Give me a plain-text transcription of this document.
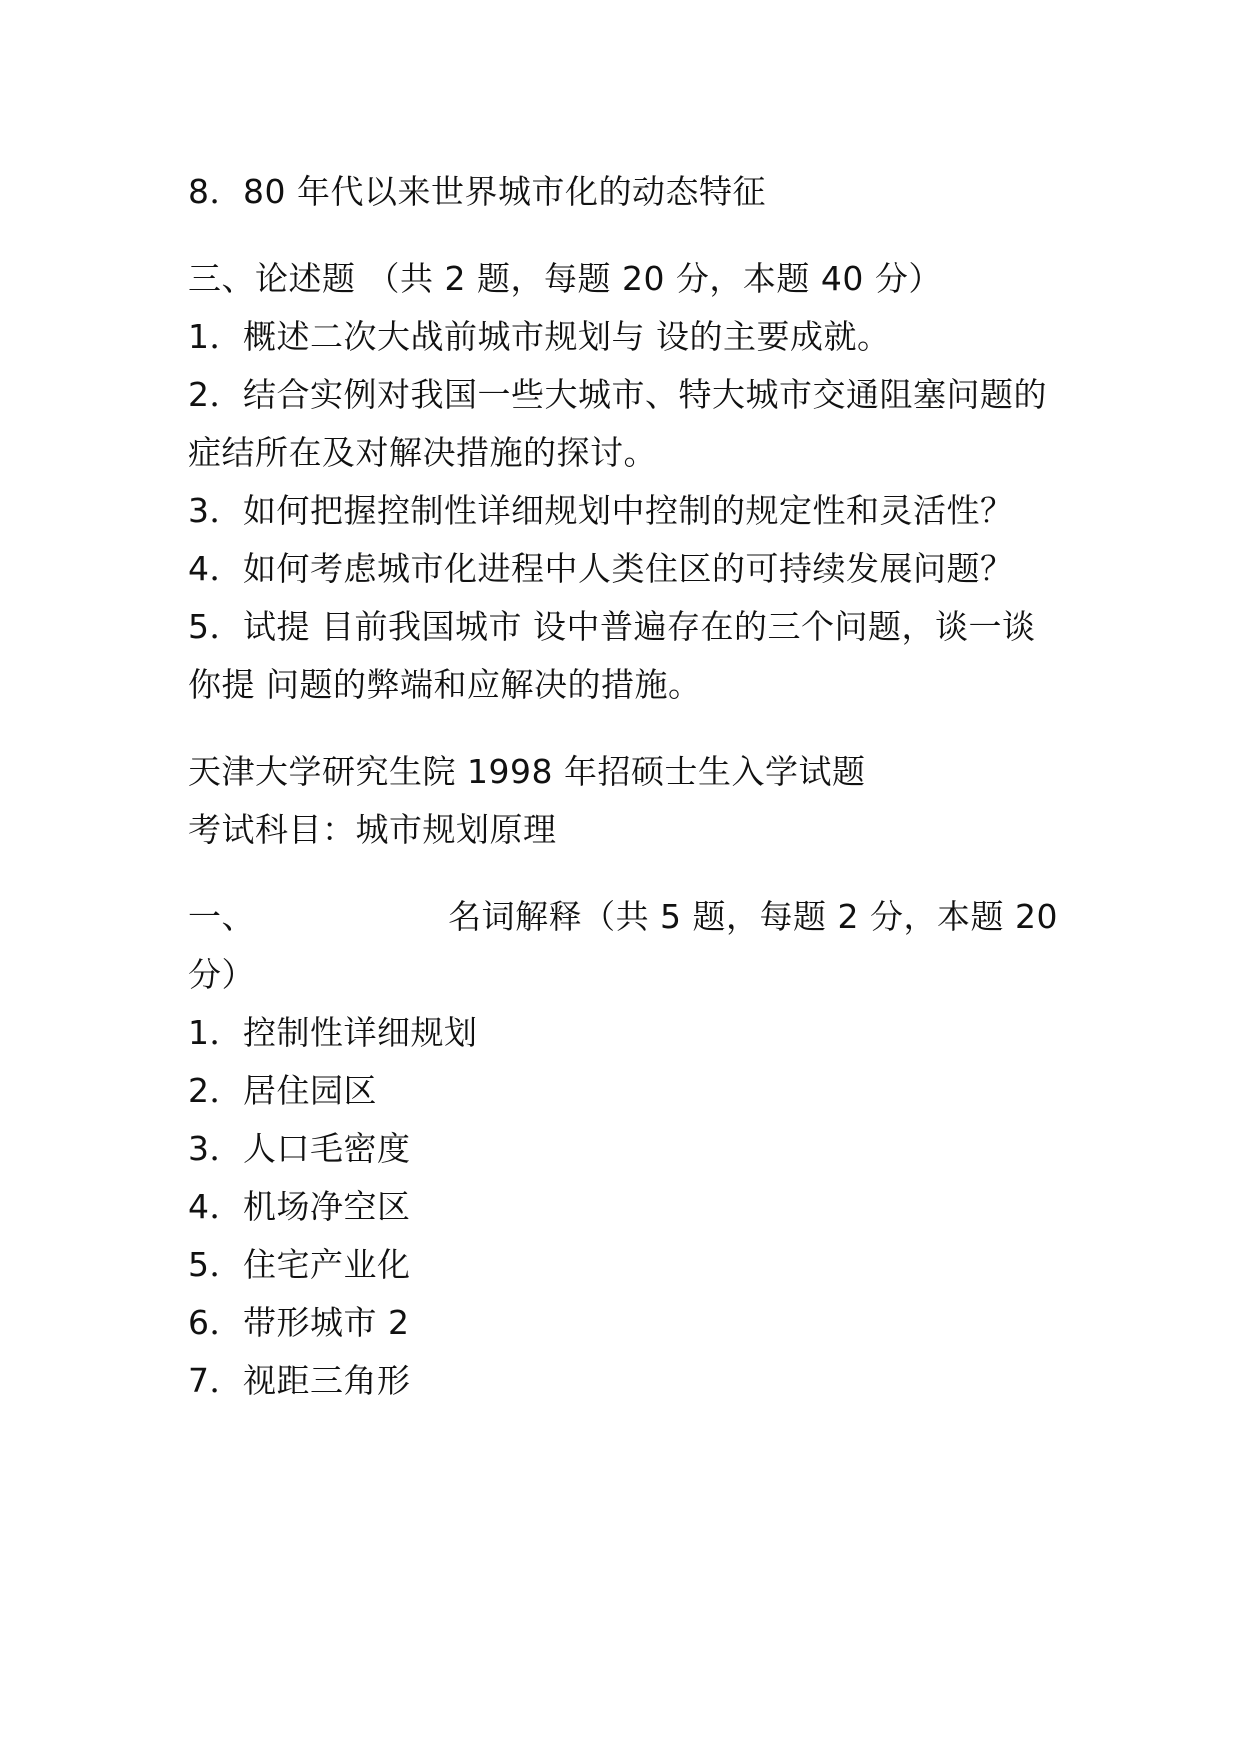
8．80 年代以来世界城市化的动态特征
三、论述题 （共 2 题，每题 20 分，本题 40 分）
1．概述二次大战前城市规划与 设的主要成就。
2．结合实例对我国一些大城市、特大城市交通阻塞问题的
症结所在及对解决措施的探讨。
3．如何把握控制性详细规划中控制的规定性和灵活性？
4．如何考虑城市化进程中人类住区的可持续发展问题？
5．试提 目前我国城市 设中普遍存在的三个问题，谈一谈
你提 问题的弊端和应解决的措施。
天津大学研究生院 1998 年招硕士生入学试题
考试科目：城市规划原理
一、	名词解释（共 5 题，每题 2 分，本题 20
分）
1．控制性详细规划
2．居住园区
3．人口毛密度
4．机场净空区
5．住宅产业化
6．带形城市 2
7．视距三角形
